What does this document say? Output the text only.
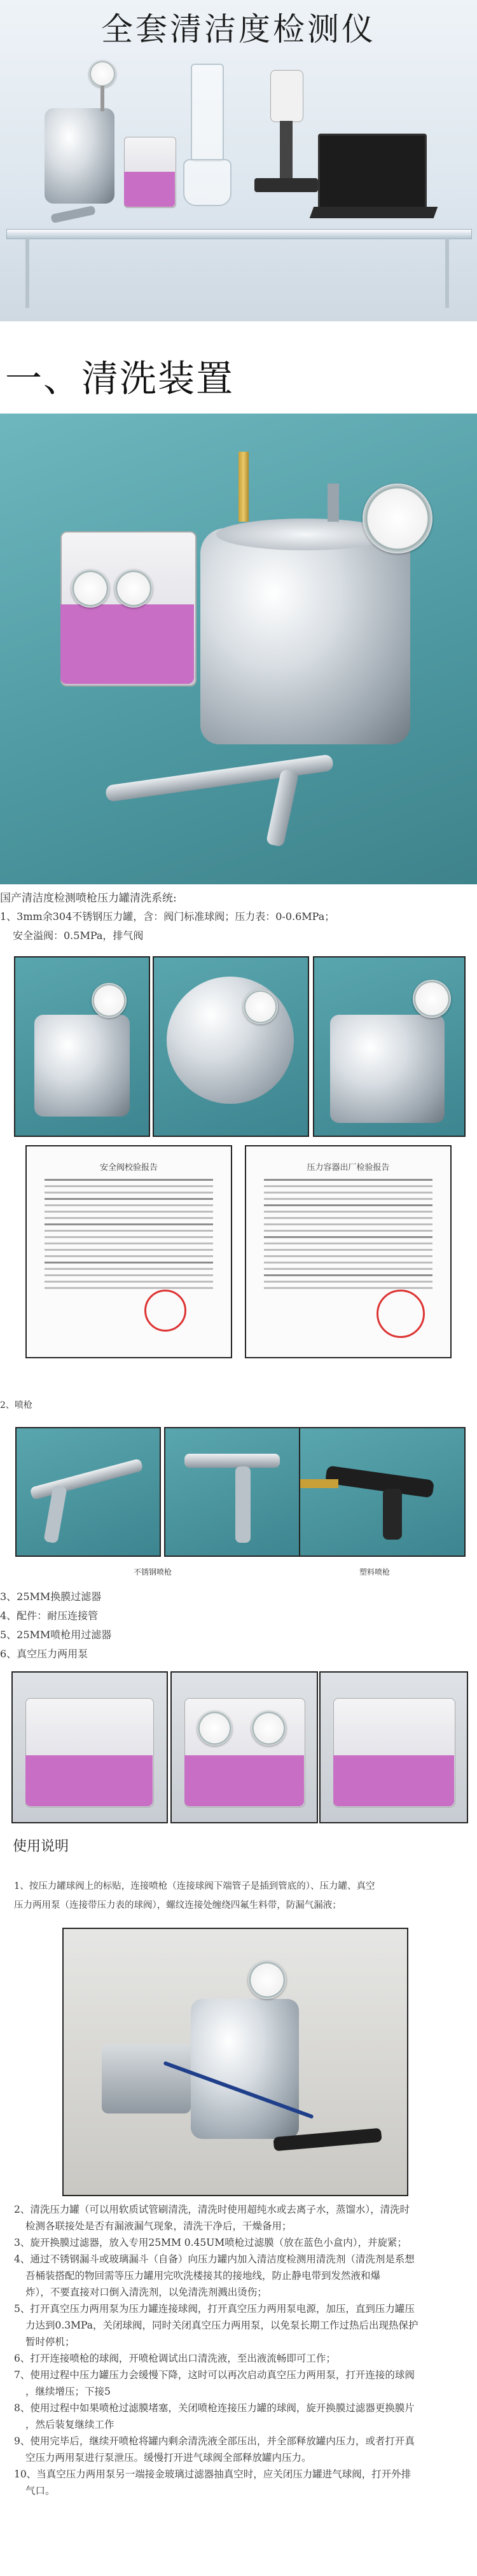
全套清洁度检测仪
一、清洗装置
国产清洁度检测喷枪压力罐清洗系统:
1、3mm余304不锈钢压力罐，含：阀门标准球阀；压力表：0-0.6MPa；
安全溢阀：0.5MPa，排气阀
安全阀校验报告	压力容器出厂检验报告
2、喷枪
不锈钢喷枪	塑料喷枪
3、25MM换膜过滤器
4、配件：耐压连接管
5、25MM喷枪用过滤器
6、真空压力两用泵
使用说明
1、按压力罐球阀上的标贴，连接喷枪（连接球阀下端管子是插到管底的）、压力罐、真空
压力两用泵（连接带压力表的球阀），螺纹连接处缠绕四氟生料带，防漏气漏液；
2、清洗压力罐（可以用软质试管刷清洗，清洗时使用超纯水或去离子水，蒸馏水），清洗时
检测各联接处是否有漏液漏气现象，清洗干净后，干燥备用；
3、旋开换膜过滤器，放入专用25MM 0.45UM喷枪过滤膜（放在蓝色小盒内），并旋紧；
4、通过不锈钢漏斗或玻璃漏斗（自备）向压力罐内加入清洁度检测用清洗剂（清洗剂是系想
吾桶装搭配的物回需等压力罐用完吹洗楼接其的接地线，防止静电带到发然液和爆
炸），不要直接对口倒入清洗剂，以免清洗剂溅出烫伤；
5、打开真空压力两用泵为压力罐连接球阀，打开真空压力两用泵电源，加压，直到压力罐压
力达到0.3MPa，关闭球阀，同时关闭真空压力两用泵，以免泵长期工作过热后出现热保护
暂时停机；
6、打开连接喷枪的球阀，开喷枪调试出口清洗液，至出液流畅即可工作；
7、使用过程中压力罐压力会缓慢下降，这时可以再次启动真空压力两用泵，打开连接的球阀
，继续增压；下接5
8、使用过程中如果喷枪过滤膜堵塞，关闭喷枪连接压力罐的球阀，旋开换膜过滤器更换膜片
，然后装复继续工作
9、使用完毕后，继续开喷枪将罐内剩余清洗液全部压出，并全部释放罐内压力，或者打开真
空压力两用泵进行泵泄压。缓慢打开进气球阀全部释放罐内压力。
10、当真空压力两用泵另一端接金玻璃过滤器抽真空时，应关闭压力罐进气球阀，打开外排
气口。
